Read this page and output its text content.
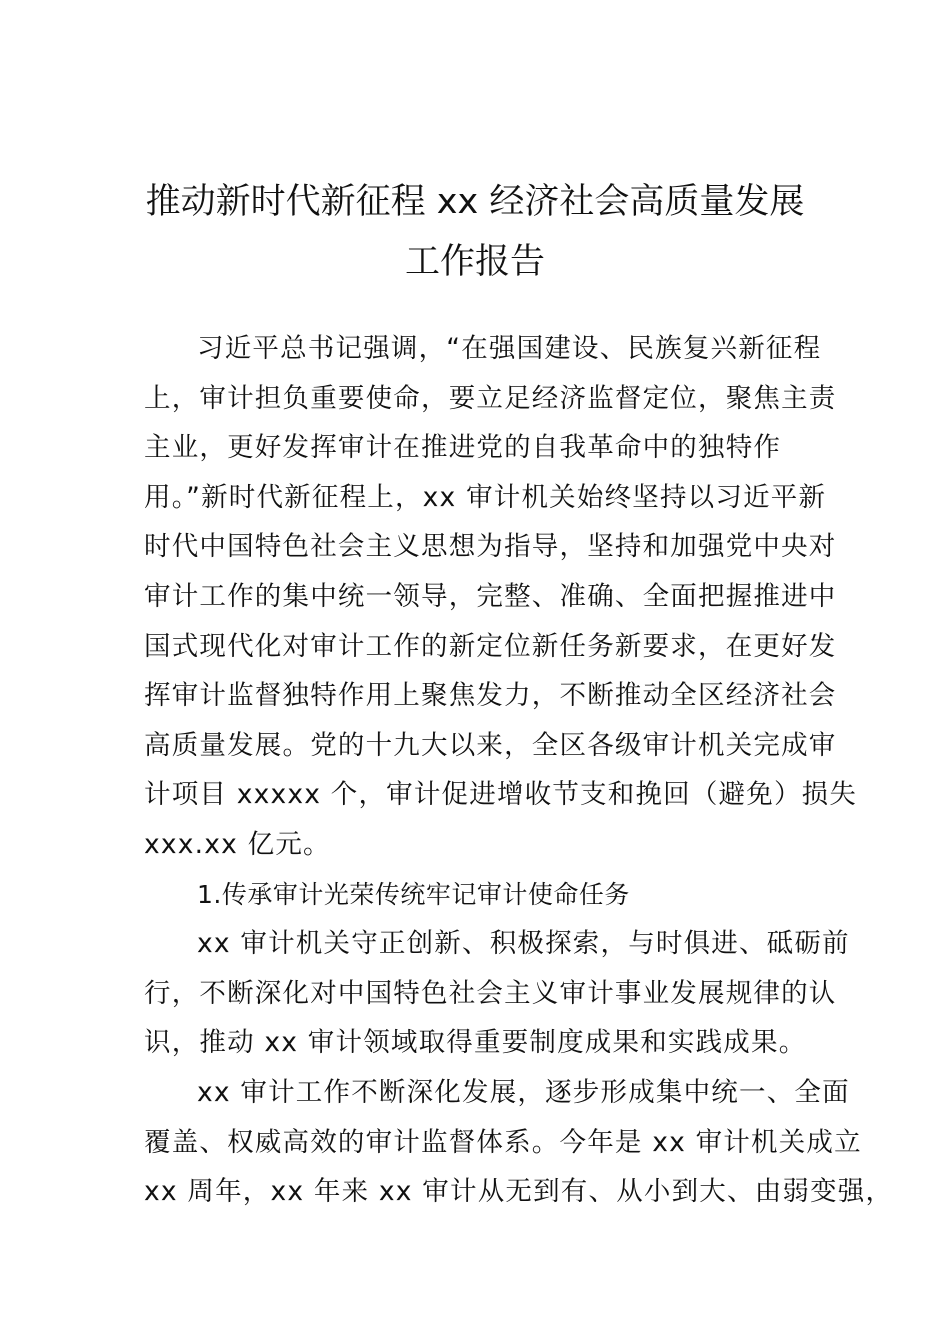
推动新时代新征程 xx 经济社会高质量发展
工作报告
习近平总书记强调，“在强国建设、民族复兴新征程
上，审计担负重要使命，要立足经济监督定位，聚焦主责
主业，更好发挥审计在推进党的自我革命中的独特作
用。”新时代新征程上，xx 审计机关始终坚持以习近平新
时代中国特色社会主义思想为指导，坚持和加强党中央对
审计工作的集中统一领导，完整、准确、全面把握推进中
国式现代化对审计工作的新定位新任务新要求，在更好发
挥审计监督独特作用上聚焦发力，不断推动全区经济社会
高质量发展。党的十九大以来，全区各级审计机关完成审
计项目 xxxxx 个，审计促进增收节支和挽回（避免）损失
xxx.xx 亿元。
1.传承审计光荣传统牢记审计使命任务
xx 审计机关守正创新、积极探索，与时俱进、砥砺前
行，不断深化对中国特色社会主义审计事业发展规律的认
识，推动 xx 审计领域取得重要制度成果和实践成果。
xx 审计工作不断深化发展，逐步形成集中统一、全面
覆盖、权威高效的审计监督体系。今年是 xx 审计机关成立
xx 周年，xx 年来 xx 审计从无到有、从小到大、由弱变强，
